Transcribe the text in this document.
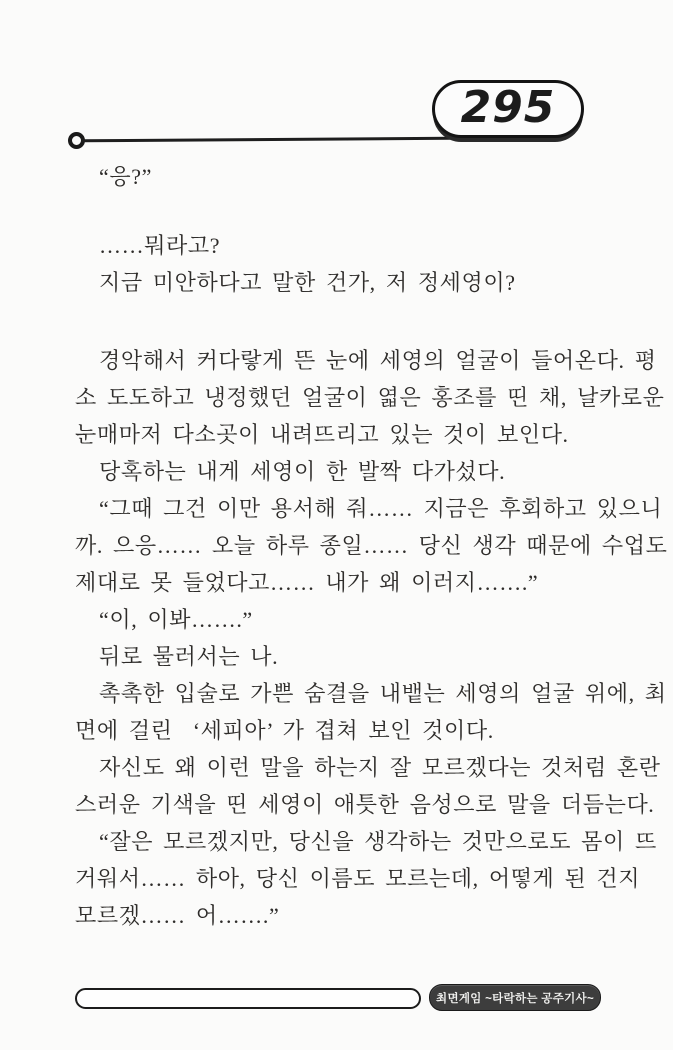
295
“응?”
……뭐라고?
지금 미안하다고 말한 건가, 저 정세영이?
경악해서 커다랗게 뜬 눈에 세영의 얼굴이 들어온다. 평
소 도도하고 냉정했던 얼굴이 엷은 홍조를 띤 채, 날카로운
눈매마저 다소곳이 내려뜨리고 있는 것이 보인다.
당혹하는 내게 세영이 한 발짝 다가섰다.
“그때 그건 이만 용서해 줘…… 지금은 후회하고 있으니
까. 으응…… 오늘 하루 종일…… 당신 생각 때문에 수업도
제대로 못 들었다고…… 내가 왜 이러지…….”
“이, 이봐…….”
뒤로 물러서는 나.
촉촉한 입술로 가쁜 숨결을 내뱉는 세영의 얼굴 위에, 최
면에 걸린  ‘세피아’ 가 겹쳐 보인 것이다.
자신도 왜 이런 말을 하는지 잘 모르겠다는 것처럼 혼란
스러운 기색을 띤 세영이 애틋한 음성으로 말을 더듬는다.
“잘은 모르겠지만, 당신을 생각하는 것만으로도 몸이 뜨
거워서…… 하아, 당신 이름도 모르는데, 어떻게 된 건지
모르겠…… 어…….”
최면게임 ~타락하는 공주기사~
